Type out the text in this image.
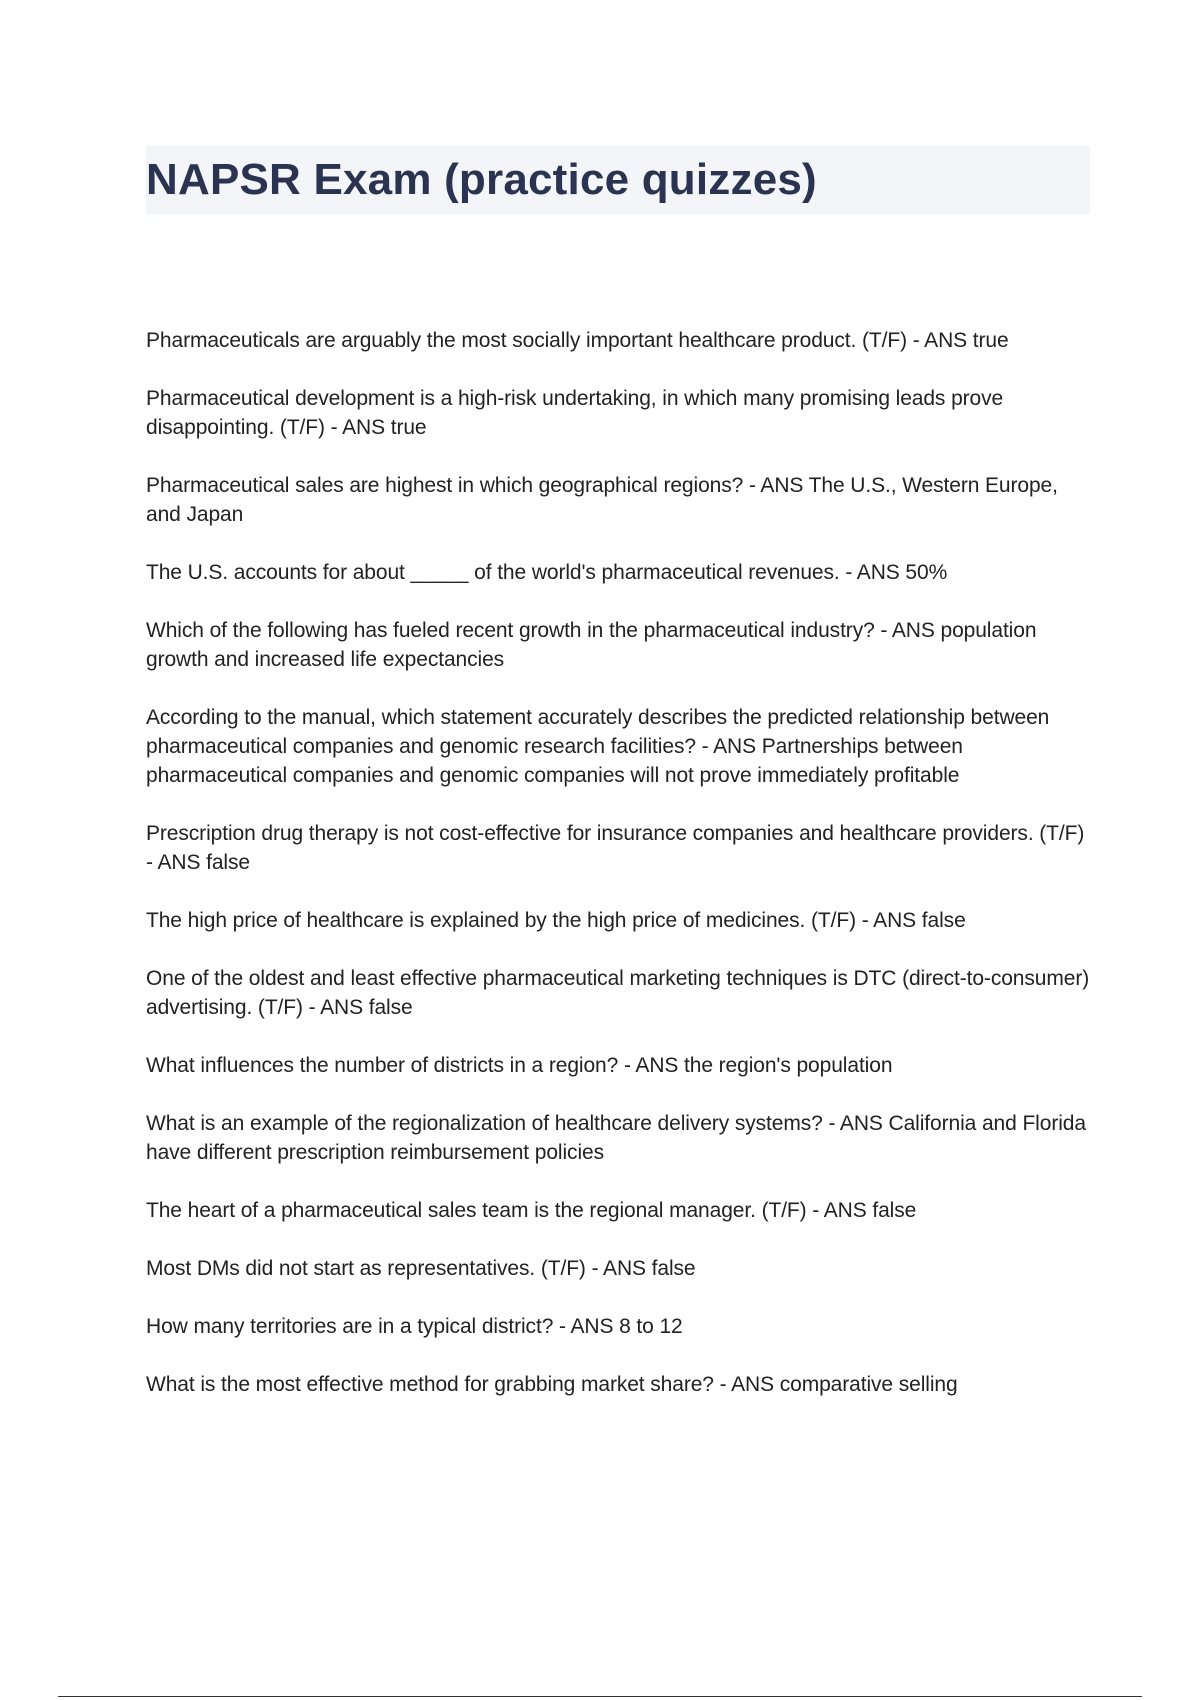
NAPSR Exam (practice quizzes)
Pharmaceuticals are arguably the most socially important healthcare product. (T/F) - ANS true
Pharmaceutical development is a high-risk undertaking, in which many promising leads prove disappointing. (T/F) - ANS true
Pharmaceutical sales are highest in which geographical regions? - ANS The U.S., Western Europe, and Japan
The U.S. accounts for about _____ of the world's pharmaceutical revenues. - ANS 50%
Which of the following has fueled recent growth in the pharmaceutical industry? - ANS population growth and increased life expectancies
According to the manual, which statement accurately describes the predicted relationship between pharmaceutical companies and genomic research facilities? - ANS Partnerships between pharmaceutical companies and genomic companies will not prove immediately profitable
Prescription drug therapy is not cost-effective for insurance companies and healthcare providers. (T/F) - ANS false
The high price of healthcare is explained by the high price of medicines. (T/F) - ANS false
One of the oldest and least effective pharmaceutical marketing techniques is DTC (direct-to-consumer) advertising. (T/F) - ANS false
What influences the number of districts in a region? - ANS the region's population
What is an example of the regionalization of healthcare delivery systems? - ANS California and Florida have different prescription reimbursement policies
The heart of a pharmaceutical sales team is the regional manager. (T/F) - ANS false
Most DMs did not start as representatives. (T/F) - ANS false
How many territories are in a typical district? - ANS 8 to 12
What is the most effective method for grabbing market share? - ANS comparative selling
